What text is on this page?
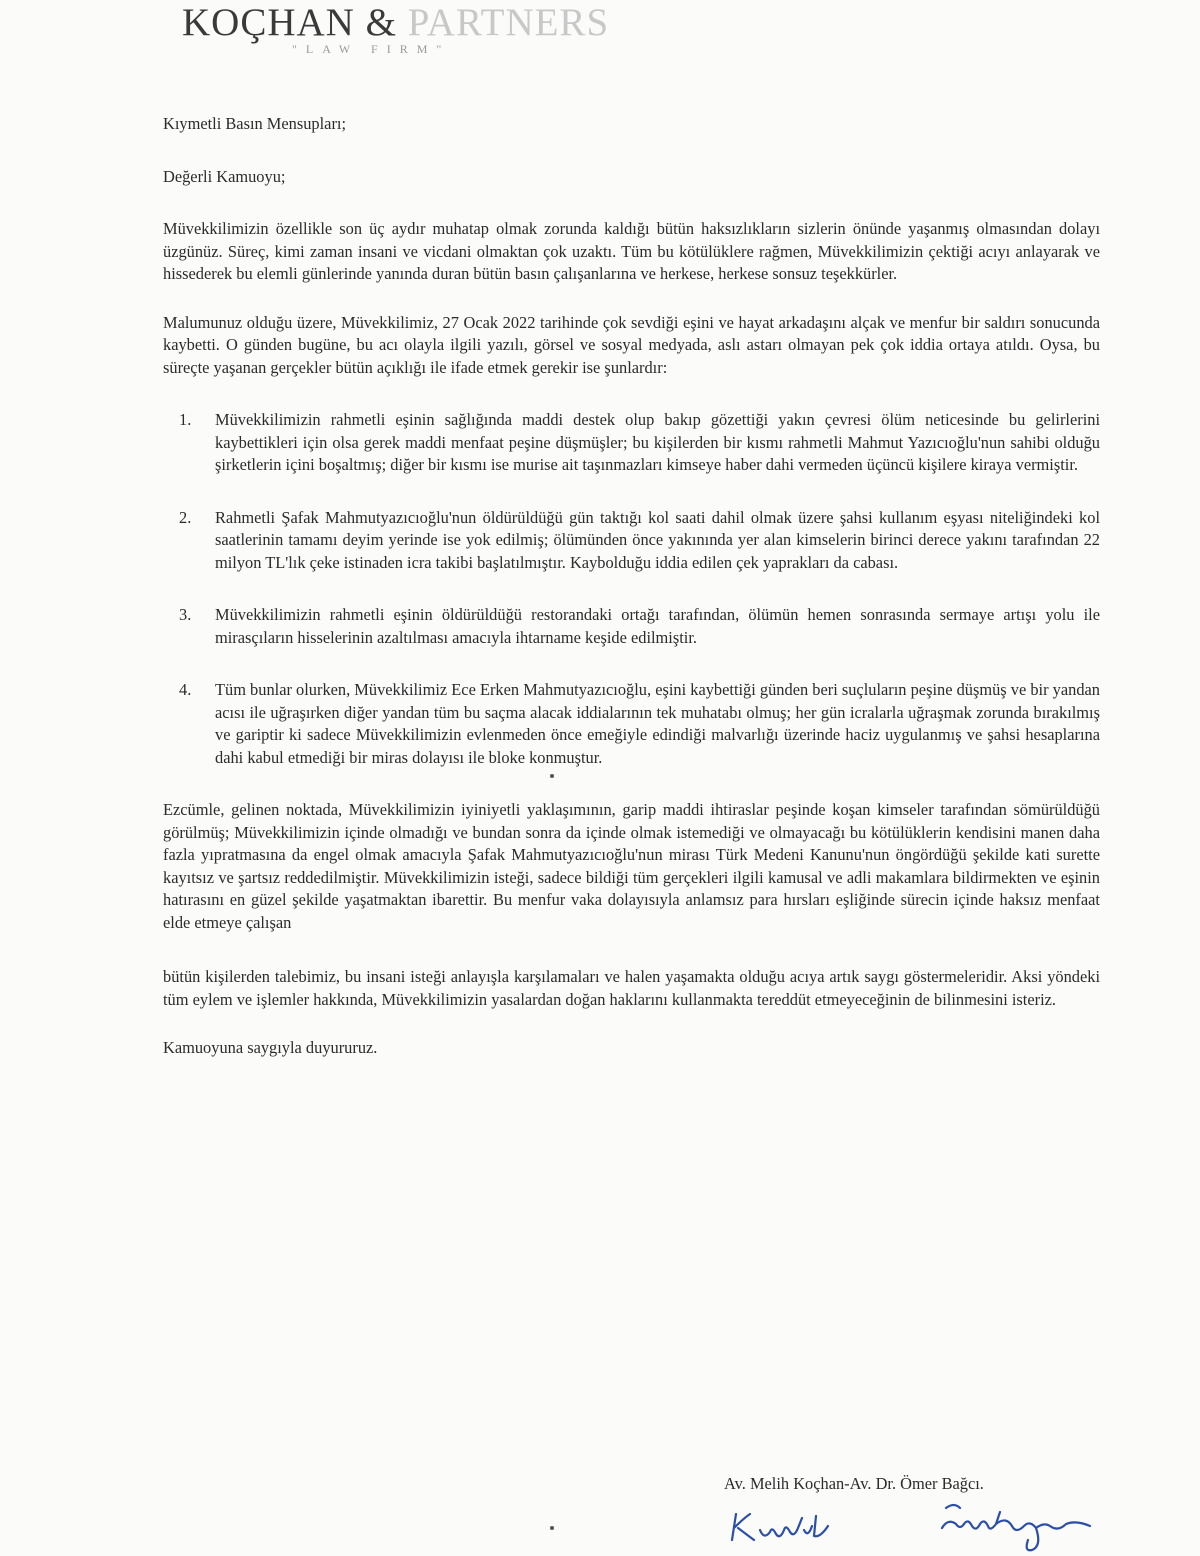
KOÇHAN & PARTNERS
"LAW FIRM"

Kıymetli Basın Mensupları;

Değerli Kamuoyu;

Müvekkilimizin özellikle son üç aydır muhatap olmak zorunda kaldığı bütün haksızlıkların sizlerin önünde yaşanmış olmasından dolayı üzgünüz. Süreç, kimi zaman insani ve vicdani olmaktan çok uzaktı. Tüm bu kötülüklere rağmen, Müvekkilimizin çektiği acıyı anlayarak ve hissederek bu elemli günlerinde yanında duran bütün basın çalışanlarına ve herkese, herkese sonsuz teşekkürler.

Malumunuz olduğu üzere, Müvekkilimiz, 27 Ocak 2022 tarihinde çok sevdiği eşini ve hayat arkadaşını alçak ve menfur bir saldırı sonucunda kaybetti. O günden bugüne, bu acı olayla ilgili yazılı, görsel ve sosyal medyada, aslı astarı olmayan pek çok iddia ortaya atıldı. Oysa, bu süreçte yaşanan gerçekler bütün açıklığı ile ifade etmek gerekir ise şunlardır:

1. Müvekkilimizin rahmetli eşinin sağlığında maddi destek olup bakıp gözettiği yakın çevresi ölüm neticesinde bu gelirlerini kaybettikleri için olsa gerek maddi menfaat peşine düşmüşler; bu kişilerden bir kısmı rahmetli Mahmut Yazıcıoğlu'nun sahibi olduğu şirketlerin içini boşaltmış; diğer bir kısmı ise murise ait taşınmazları kimseye haber dahi vermeden üçüncü kişilere kiraya vermiştir.
2. Rahmetli Şafak Mahmutyazıcıoğlu'nun öldürüldüğü gün taktığı kol saati dahil olmak üzere şahsi kullanım eşyası niteliğindeki kol saatlerinin tamamı deyim yerinde ise yok edilmiş; ölümünden önce yakınında yer alan kimselerin birinci derece yakını tarafından 22 milyon TL'lık çeke istinaden icra takibi başlatılmıştır. Kaybolduğu iddia edilen çek yaprakları da cabası.
3. Müvekkilimizin rahmetli eşinin öldürüldüğü restorandaki ortağı tarafından, ölümün hemen sonrasında sermaye artışı yolu ile mirasçıların hisselerinin azaltılması amacıyla ihtarname keşide edilmiştir.
4. Tüm bunlar olurken, Müvekkilimiz Ece Erken Mahmutyazıcıoğlu, eşini kaybettiği günden beri suçluların peşine düşmüş ve bir yandan acısı ile uğraşırken diğer yandan tüm bu saçma alacak iddialarının tek muhatabı olmuş; her gün icralarla uğraşmak zorunda bırakılmış ve gariptir ki sadece Müvekkilimizin evlenmeden önce emeğiyle edindiği malvarlığı üzerinde haciz uygulanmış ve şahsi hesaplarına dahi kabul etmediği bir miras dolayısı ile bloke konmuştur.

Ezcümle, gelinen noktada, Müvekkilimizin iyiniyetli yaklaşımının, garip maddi ihtiraslar peşinde koşan kimseler tarafından sömürüldüğü görülmüş; Müvekkilimizin içinde olmadığı ve bundan sonra da içinde olmak istemediği ve olmayacağı bu kötülüklerin kendisini manen daha fazla yıpratmasına da engel olmak amacıyla Şafak Mahmutyazıcıoğlu'nun mirası Türk Medeni Kanunu'nun öngördüğü şekilde kati surette kayıtsız ve şartsız reddedilmiştir. Müvekkilimizin isteği, sadece bildiği tüm gerçekleri ilgili kamusal ve adli makamlara bildirmekten ve eşinin hatırasını en güzel şekilde yaşatmaktan ibarettir. Bu menfur vaka dolayısıyla anlamsız para hırsları eşliğinde sürecin içinde haksız menfaat elde etmeye çalışan

bütün kişilerden talebimiz, bu insani isteği anlayışla karşılamaları ve halen yaşamakta olduğu acıya artık saygı göstermeleridir. Aksi yöndeki tüm eylem ve işlemler hakkında, Müvekkilimizin yasalardan doğan haklarını kullanmakta tereddüt etmeyeceğinin de bilinmesini isteriz.

Kamuoyuna saygıyla duyururuz.

Av. Melih Koçhan-Av. Dr. Ömer Bağcı.
